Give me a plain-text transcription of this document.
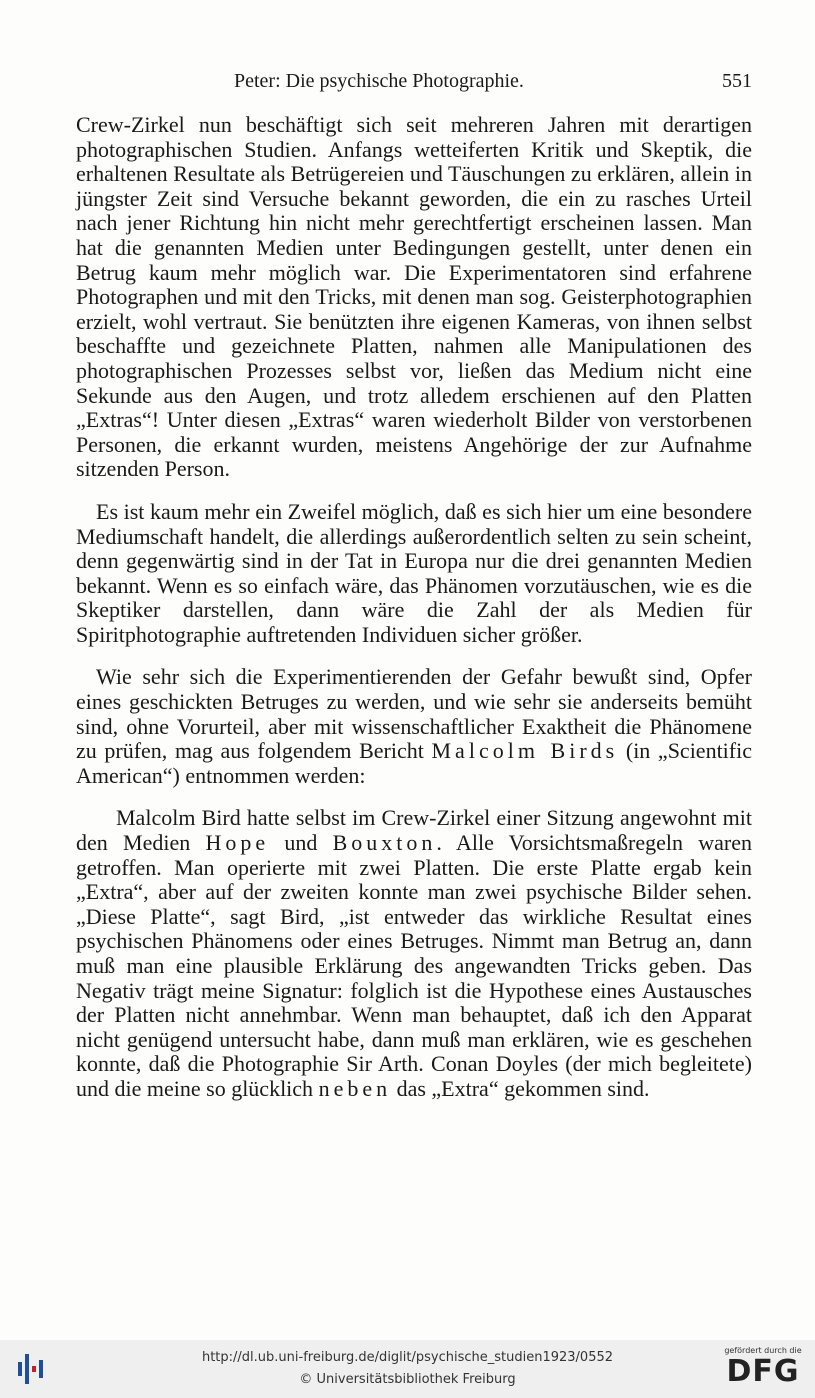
Peter: Die psychische Photographie.	551

Crew-Zirkel nun beschäftigt sich seit mehreren Jahren mit derartigen photographischen Studien. Anfangs wetteiferten Kritik und Skeptik, die erhaltenen Resultate als Betrügereien und Täuschungen zu erklären, allein in jüngster Zeit sind Versuche bekannt geworden, die ein zu rasches Urteil nach jener Richtung hin nicht mehr gerechtfertigt erscheinen lassen. Man hat die genannten Medien unter Bedingungen gestellt, unter denen ein Betrug kaum mehr möglich war. Die Experimentatoren sind erfahrene Photographen und mit den Tricks, mit denen man sog. Geisterphotographien erzielt, wohl vertraut. Sie benützten ihre eigenen Kameras, von ihnen selbst beschaffte und gezeichnete Platten, nahmen alle Manipulationen des photographischen Prozesses selbst vor, ließen das Medium nicht eine Sekunde aus den Augen, und trotz alledem erschienen auf den Platten „Extras“! Unter diesen „Extras“ waren wiederholt Bilder von verstorbenen Personen, die erkannt wurden, meistens Angehörige der zur Aufnahme sitzenden Person.

Es ist kaum mehr ein Zweifel möglich, daß es sich hier um eine besondere Mediumschaft handelt, die allerdings außerordentlich selten zu sein scheint, denn gegenwärtig sind in der Tat in Europa nur die drei genannten Medien bekannt. Wenn es so einfach wäre, das Phänomen vorzutäuschen, wie es die Skeptiker darstellen, dann wäre die Zahl der als Medien für Spiritphotographie auftretenden Individuen sicher größer.

Wie sehr sich die Experimentierenden der Gefahr bewußt sind, Opfer eines geschickten Betruges zu werden, und wie sehr sie anderseits bemüht sind, ohne Vorurteil, aber mit wissenschaftlicher Exaktheit die Phänomene zu prüfen, mag aus folgendem Bericht Malcolm Birds (in „Scientific American“) entnommen werden:

Malcolm Bird hatte selbst im Crew-Zirkel einer Sitzung angewohnt mit den Medien Hope und Bouxton. Alle Vorsichtsmaßregeln waren getroffen. Man operierte mit zwei Platten. Die erste Platte ergab kein „Extra“, aber auf der zweiten konnte man zwei psychische Bilder sehen. „Diese Platte“, sagt Bird, „ist entweder das wirkliche Resultat eines psychischen Phänomens oder eines Betruges. Nimmt man Betrug an, dann muß man eine plausible Erklärung des angewandten Tricks geben. Das Negativ trägt meine Signatur: folglich ist die Hypothese eines Austausches der Platten nicht annehmbar. Wenn man behauptet, daß ich den Apparat nicht genügend untersucht habe, dann muß man erklären, wie es geschehen konnte, daß die Photographie Sir Arth. Conan Doyles (der mich begleitete) und die meine so glücklich neben das „Extra“ gekommen sind.

http://dl.ub.uni-freiburg.de/diglit/psychische_studien1923/0552
© Universitätsbibliothek Freiburg
gefördert durch die
DFG
